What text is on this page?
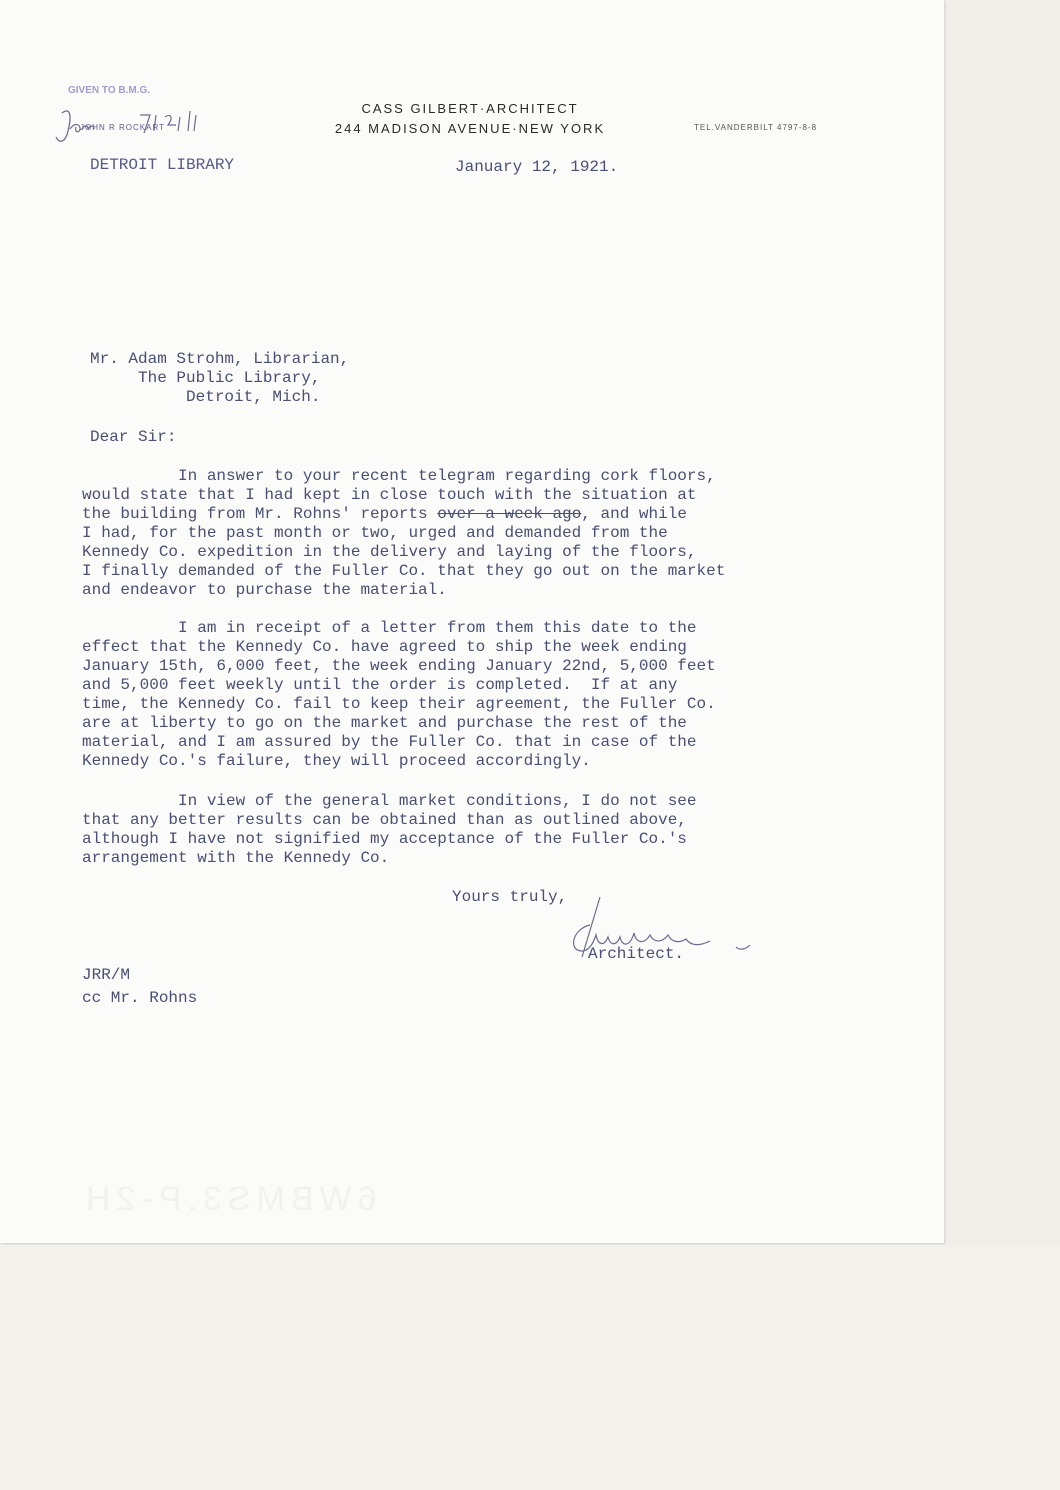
CASS GILBERT·ARCHITECT
244 MADISON AVENUE·NEW YORK	TEL.VANDERBILT 4797-8-8
GIVEN TO B.M.G.
JOHN R ROCKART
DETROIT LIBRARY	January 12, 1921.
Mr. Adam Strohm, Librarian,
The Public Library,
Detroit, Mich.
Dear Sir:
In answer to your recent telegram regarding cork floors,
would state that I had kept in close touch with the situation at
the building from Mr. Rohns' reports over a week ago, and while
I had, for the past month or two, urged and demanded from the
Kennedy Co. expedition in the delivery and laying of the floors,
I finally demanded of the Fuller Co. that they go out on the market
and endeavor to purchase the material.
I am in receipt of a letter from them this date to the
effect that the Kennedy Co. have agreed to ship the week ending
January 15th, 6,000 feet, the week ending January 22nd, 5,000 feet
and 5,000 feet weekly until the order is completed.  If at any
time, the Kennedy Co. fail to keep their agreement, the Fuller Co.
are at liberty to go on the market and purchase the rest of the
material, and I am assured by the Fuller Co. that in case of the
Kennedy Co.'s failure, they will proceed accordingly.
In view of the general market conditions, I do not see
that any better results can be obtained than as outlined above,
although I have not signified my acceptance of the Fuller Co.'s
arrangement with the Kennedy Co.
Yours truly,
Architect.
JRR/M
cc Mr. Rohns
